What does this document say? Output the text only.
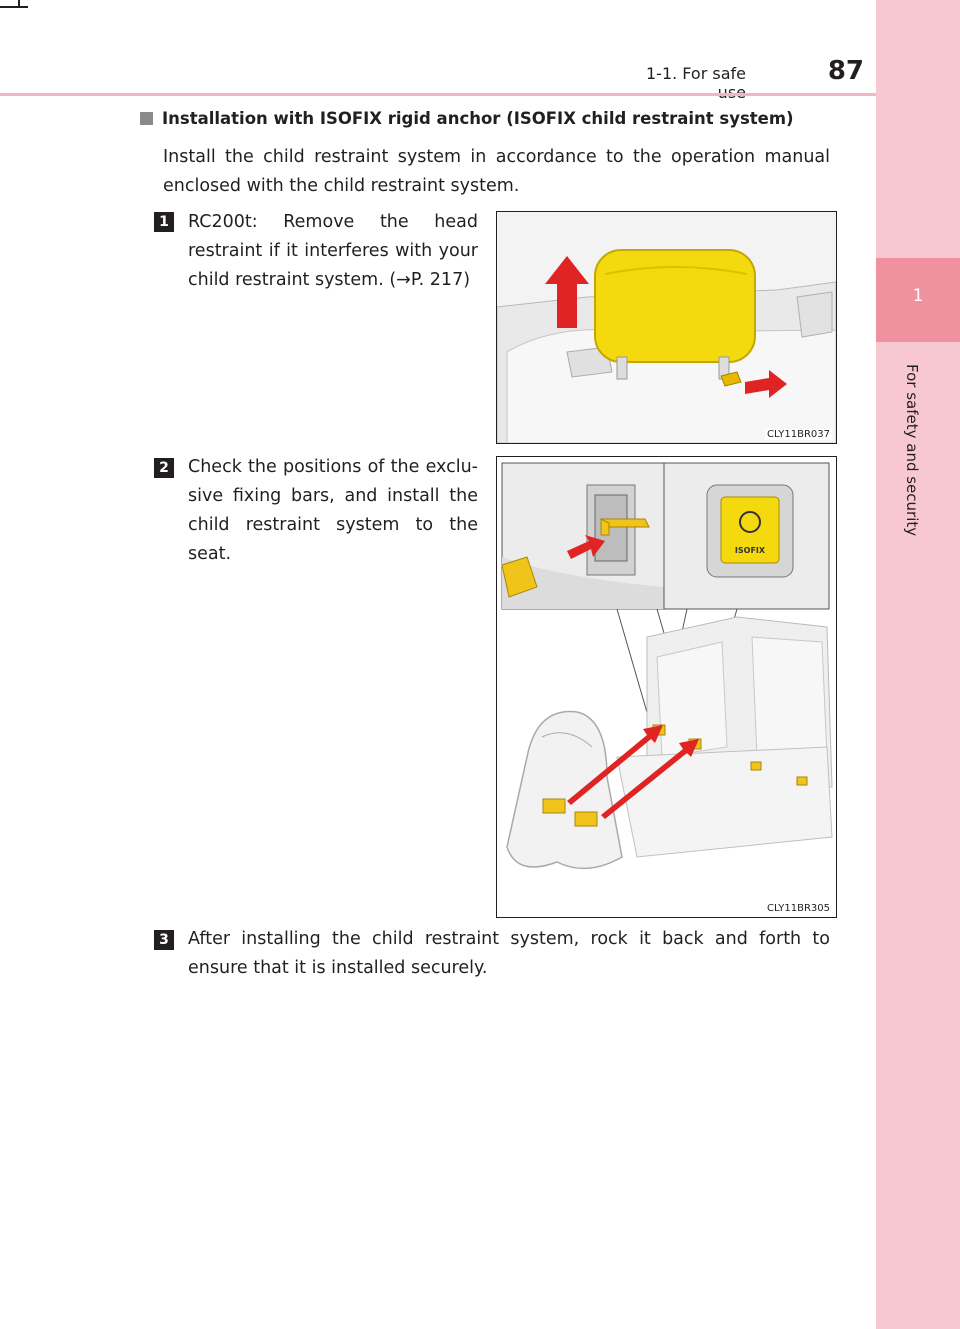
1
For safety and security
1-1. For safe	87
Installation with ISOFIX rigid anchor (ISOFIX child restraint system)
Install the child restraint system in accordance to the operation manual enclosed with the child restraint system.
1 RC200t: Remove the head restraint if it interferes with your child restraint system. (→P. 217)
CLY11BR037
2 Check the positions of the exclu-sive fixing bars, and install the child restraint system to the seat.	ISOFIX
CLY11BR305
3 After installing the child restraint system, rock it back and forth to ensure that it is installed securely.
